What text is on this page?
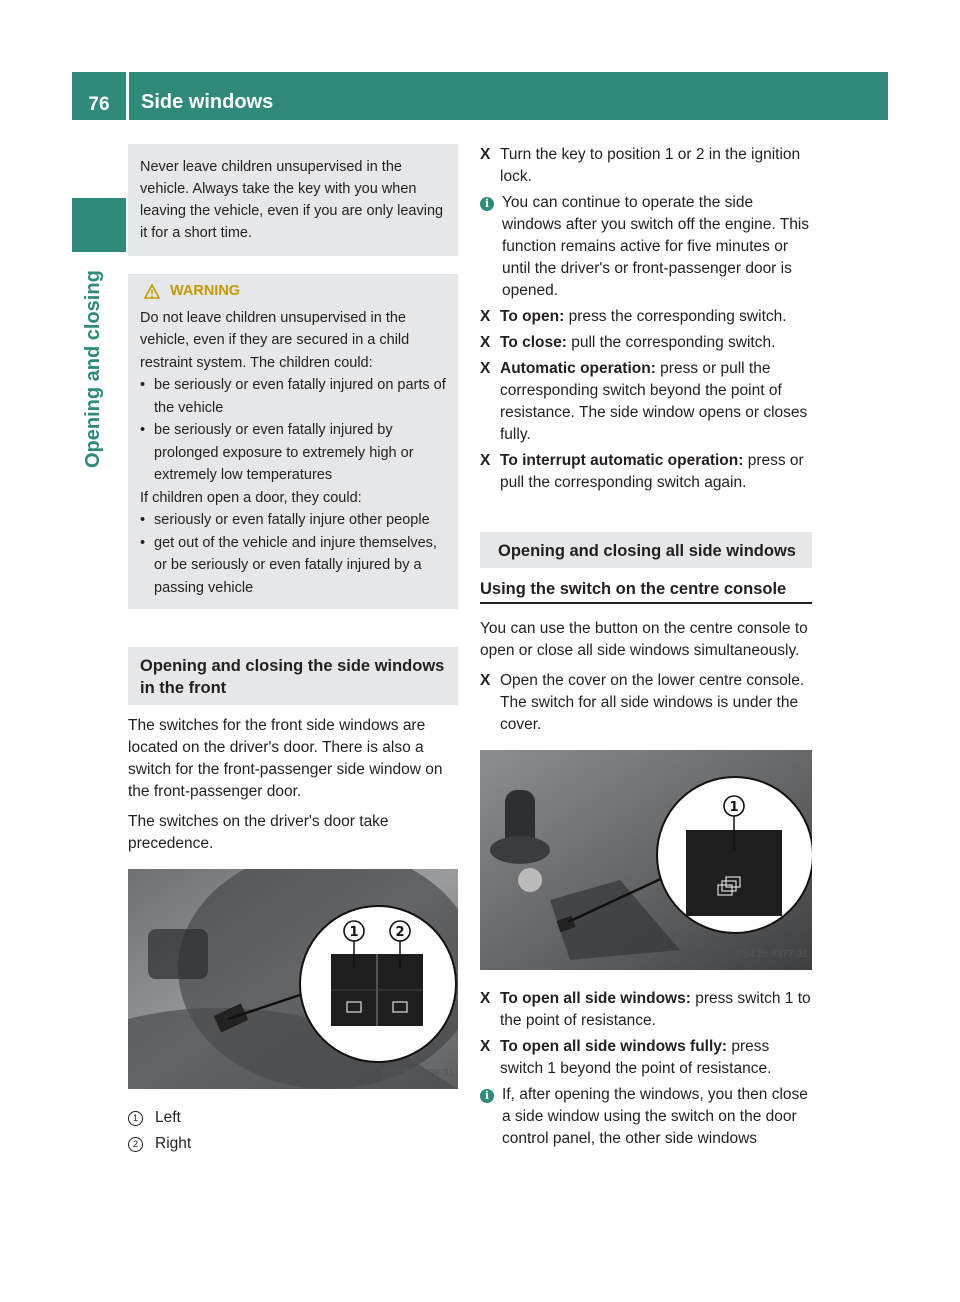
76	Side windows
Opening and closing
Never leave children unsupervised in the vehicle. Always take the key with you when leaving the vehicle, even if you are only leaving it for a short time.
WARNING
Do not leave children unsupervised in the vehicle, even if they are secured in a child restraint system. The children could:
• be seriously or even fatally injured on parts of the vehicle
• be seriously or even fatally injured by prolonged exposure to extremely high or extremely low temperatures
If children open a door, they could:
• seriously or even fatally injure other people
• get out of the vehicle and injure themselves, or be seriously or even fatally injured by a passing vehicle
Opening and closing the side windows in the front

The switches for the front side windows are located on the driver's door. There is also a switch for the front-passenger side window on the front-passenger door.

The switches on the driver's door take precedence.

1	2
P54.25-8338-31
1	Left
2	Right
X Turn the key to position 1 or 2 in the ignition lock.
i You can continue to operate the side windows after you switch off the engine. This function remains active for five minutes or until the driver's or front-passenger door is opened.
X To open: press the corresponding switch.
X To close: pull the corresponding switch.
X Automatic operation: press or pull the corresponding switch beyond the point of resistance. The side window opens or closes fully.
X To interrupt automatic operation: press or pull the corresponding switch again.
Opening and closing all side windows
Using the switch on the centre console

You can use the button on the centre console to open or close all side windows simultaneously.

X Open the cover on the lower centre console. The switch for all side windows is under the cover.
1
P54.25-8377-31
X To open all side windows: press switch 1 to the point of resistance.
X To open all side windows fully: press switch 1 beyond the point of resistance.
i If, after opening the windows, you then close a side window using the switch on the door control panel, the other side windows
